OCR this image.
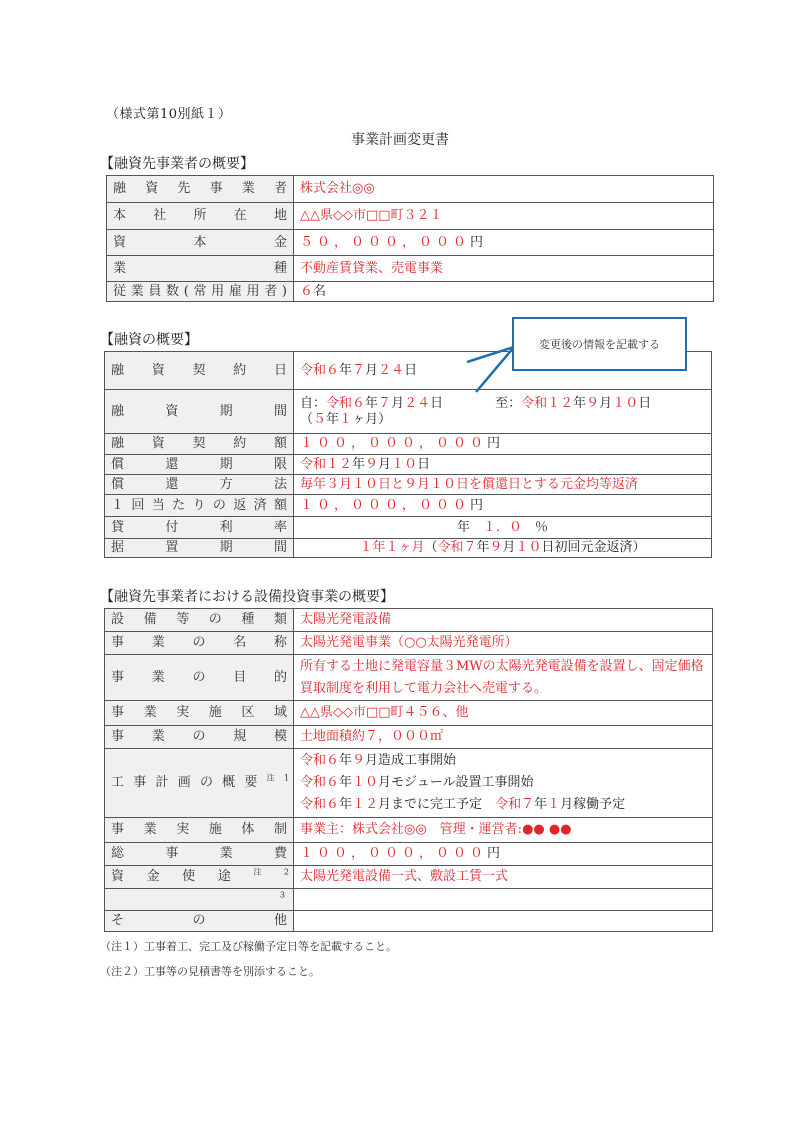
（様式第10別紙１）
事業計画変更書
【融資先事業者の概要】
融資先事業者	株式会社◎◎
本社所在地	△△県◇◇市□□町３２１
資本金	５０，０００，０００円
業種	不動産賃貸業、売電事業
従業員数(常用雇用者)	６名
【融資の概要】
融資契約日	令和６年７月２４日
融資期間	自：令和６年７月２４日　　　　至：令和１２年９月１０日
（５年１ヶ月）

融資契約額	１００，０００，０００円
償還期限	令和１２年９月１０日
償還方法	毎年３月１０日と９月１０日を償還日とする元金均等返済
１回当たりの返済額	１０，０００，０００円
貸付利率	年　１．０　％
据置期間	１年１ヶ月（令和７年９月１０日初回元金返済）
変更後の情報を記載する
【融資先事業者における設備投資事業の概要】
設備等の種類	太陽光発電設備
事業の名称	太陽光発電事業（○○太陽光発電所）
事業の目的	所有する土地に発電容量３MWの太陽光発電設備を設置し、固定価格買取制度を利用して電力会社へ売電する。
事業実施区域	△△県◇◇市□□町４５６、他
事業の規模	土地面積約７，０００㎡
工事計画の概要$^{注1}$	令和６年９月造成工事開始
令和６年１０月モジュール設置工事開始
令和６年１２月までに完工予定　令和７年１月稼働予定

事業実施体制	事業主：株式会社◎◎　管理・運営者:●● ●●
総事業費	１００，０００，０００円
資金使途$^{注2}$	太陽光発電設備一式、敷設工賃一式
$^3$	
その他	
（注１）工事着工、完工及び稼働予定日等を記載すること。
（注２）工事等の見積書等を別添すること。
